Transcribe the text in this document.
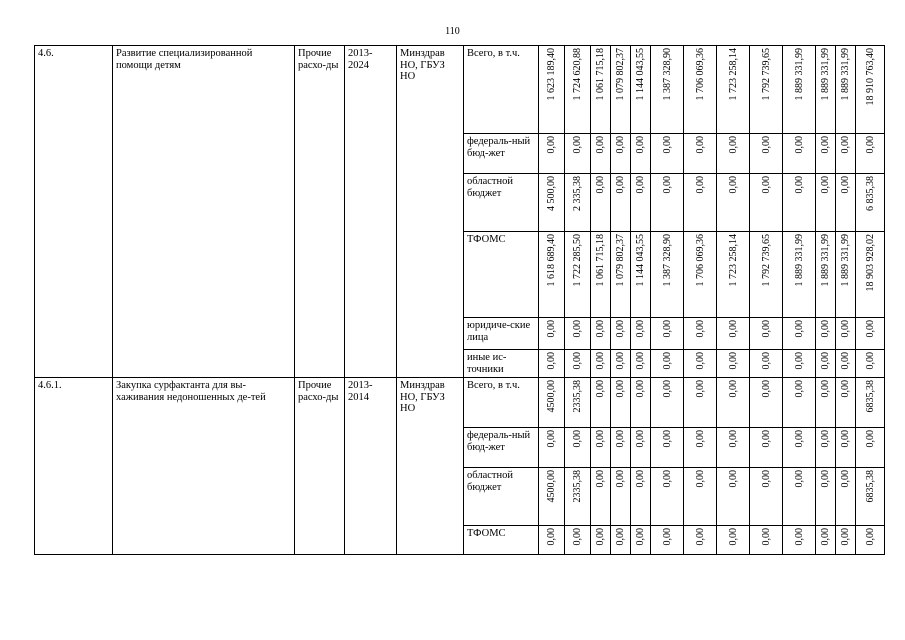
110
4.6.	Развитие специализированной помощи детям	Прочие расхо-ды	2013-2024	Минздрав НО, ГБУЗ НО	Всего, в т.ч.	1 623 189,40	1 724 620,88	1 061 715,18	1 079 802,37	1 144 043,55	1 387 328,90	1 706 069,36	1 723 258,14	1 792 739,65	1 889 331,99	1 889 331,99	1 889 331,99	18 910 763,40
					федераль-ный бюд-жет	0,00	0,00	0,00	0,00	0,00	0,00	0,00	0,00	0,00	0,00	0,00	0,00	0,00
					областной бюджет	4 500,00	2 335,38	0,00	0,00	0,00	0,00	0,00	0,00	0,00	0,00	0,00	0,00	6 835,38
					ТФОМС	1 618 689,40	1 722 285,50	1 061 715,18	1 079 802,37	1 144 043,55	1 387 328,90	1 706 069,36	1 723 258,14	1 792 739,65	1 889 331,99	1 889 331,99	1 889 331,99	18 903 928,02
					юридиче-ские лица	0,00	0,00	0,00	0,00	0,00	0,00	0,00	0,00	0,00	0,00	0,00	0,00	0,00
					иные ис-точники	0,00	0,00	0,00	0,00	0,00	0,00	0,00	0,00	0,00	0,00	0,00	0,00	0,00
4.6.1.	Закупка сурфактанта для вы-хаживания недоношенных де-тей	Прочие расхо-ды	2013-2014	Минздрав НО, ГБУЗ НО	Всего, в т.ч.	4500,00	2335,38	0,00	0,00	0,00	0,00	0,00	0,00	0,00	0,00	0,00	0,00	6835,38
					федераль-ный бюд-жет	0,00	0,00	0,00	0,00	0,00	0,00	0,00	0,00	0,00	0,00	0,00	0,00	0,00
					областной бюджет	4500,00	2335,38	0,00	0,00	0,00	0,00	0,00	0,00	0,00	0,00	0,00	0,00	6835,38
					ТФОМС	0,00	0,00	0,00	0,00	0,00	0,00	0,00	0,00	0,00	0,00	0,00	0,00	0,00
